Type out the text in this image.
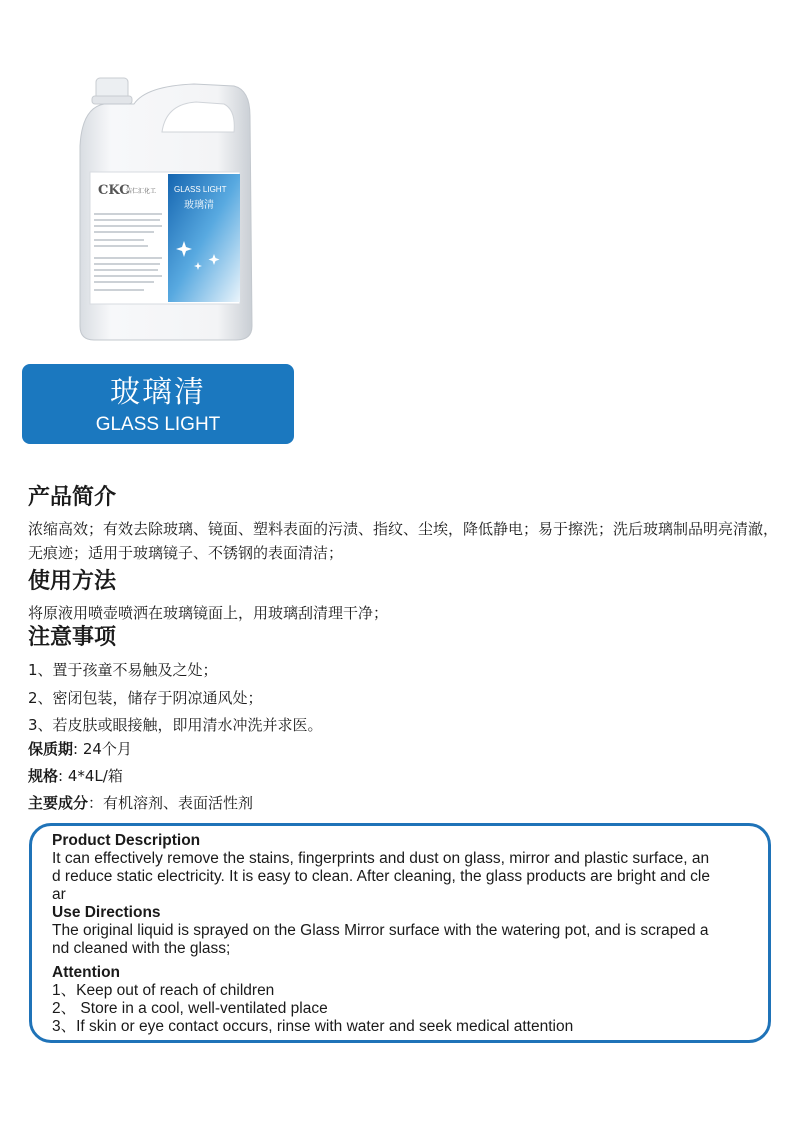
CKC
洁仁汇化工 GLASS LIGHT
玻璃清
玻璃清
GLASS LIGHT
产品简介

浓缩高效；有效去除玻璃、镜面、塑料表面的污渍、指纹、尘埃，降低静电；易于擦洗；洗后玻璃制品明亮清澈，无痕迹；适用于玻璃镜子、不锈钢的表面清洁；

使用方法

将原液用喷壶喷洒在玻璃镜面上，用玻璃刮清理干净；

注意事项
1、置于孩童不易触及之处；
2、密闭包装，储存于阴凉通风处；
3、若皮肤或眼接触，即用清水冲洗并求医。
保质期: 24个月
规格: 4*4L/箱
主要成分：有机溶剂、表面活性剂

Product Description

It can effectively remove the stains, fingerprints and dust on glass, mirror and plastic surface, an

d reduce static electricity. It is easy to clean. After cleaning, the glass products are bright and cle

ar

Use Directions

The original liquid is sprayed on the Glass Mirror surface with the watering pot, and is scraped a

nd cleaned with the glass;

Attention

1、Keep out of reach of children

2、 Store in a cool, well-ventilated place

3、If skin or eye contact occurs, rinse with water and seek medical attention
